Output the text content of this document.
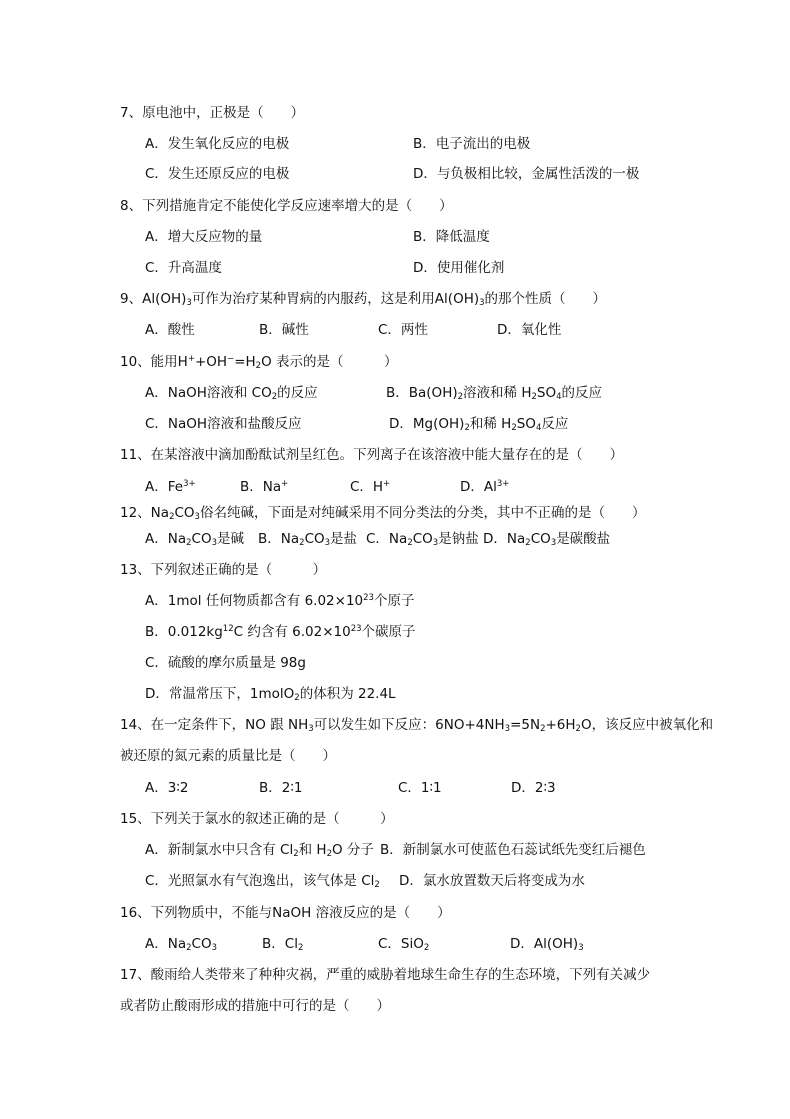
7、原电池中，正极是（　　）
A．发生氧化反应的电极	B．电子流出的电极
C．发生还原反应的电极	D．与负极相比较，金属性活泼的一极
8、下列措施肯定不能使化学反应速率增大的是（　　）
A．增大反应物的量	B．降低温度
C．升高温度	D．使用催化剂
9、$Al(OH)_3$可作为治疗某种胃病的内服药，这是利用$Al(OH)_3$的那个性质（　　）
A．酸性	B．碱性	C．两性	D．氧化性
10、能用$H^++OH^-=H_2O$ 表示的是（　　　）
A．NaOH溶液和 $CO_2$的反应	B．$Ba(OH)_2$溶液和稀 $H_2SO_4$的反应
C．NaOH溶液和盐酸反应	D．$Mg(OH)_2$和稀 $H_2SO_4$反应
11、在某溶液中滴加酚酞试剂呈红色。下列离子在该溶液中能大量存在的是（　　）
A．$Fe^{3+}$	B．Na+	C．H+	D．$Al^{3+}$
12、$Na_2CO_3$俗名纯碱，下面是对纯碱采用不同分类法的分类，其中不正确的是（　　）
A．$Na_2CO_3$是碱 B．$Na_2CO_3$是盐 C．$Na_2CO_3$是钠盐 D．$Na_2CO_3$是碳酸盐
13、下列叙述正确的是（　　　）
A．1mol 任何物质都含有 $6.02\times 10^{23}$个原子
B．$0.012kg^{12}C$ 约含有 $6.02\times 10^{23}$个碳原子
C．硫酸的摩尔质量是 98g
D．常温常压下，1molO$_2$的体积为 22.4L
14、在一定条件下，NO 跟 $NH_3$可以发生如下反应：$6NO+4NH_3=5N_2+6H_2O$，该反应中被氧化和
被还原的氮元素的质量比是（　　）
A．3∶2	B．2∶1	C．1∶1	D．2∶3
15、下列关于氯水的叙述正确的是（　　　）
A．新制氯水中只含有 $Cl_2$和 $H_2O$ 分子 B．新制氯水可使蓝色石蕊试纸先变红后褪色
C．光照氯水有气泡逸出，该气体是 $Cl_2$ D．氯水放置数天后将变成为水
16、下列物质中，不能与NaOH 溶液反应的是（　　）
A．$Na_2CO_3$	B．$Cl_2$	C．SiO$_2$	D．$Al(OH)_3$
17、酸雨给人类带来了种种灾祸，严重的威胁着地球生命生存的生态环境，下列有关减少
或者防止酸雨形成的措施中可行的是（　　）
